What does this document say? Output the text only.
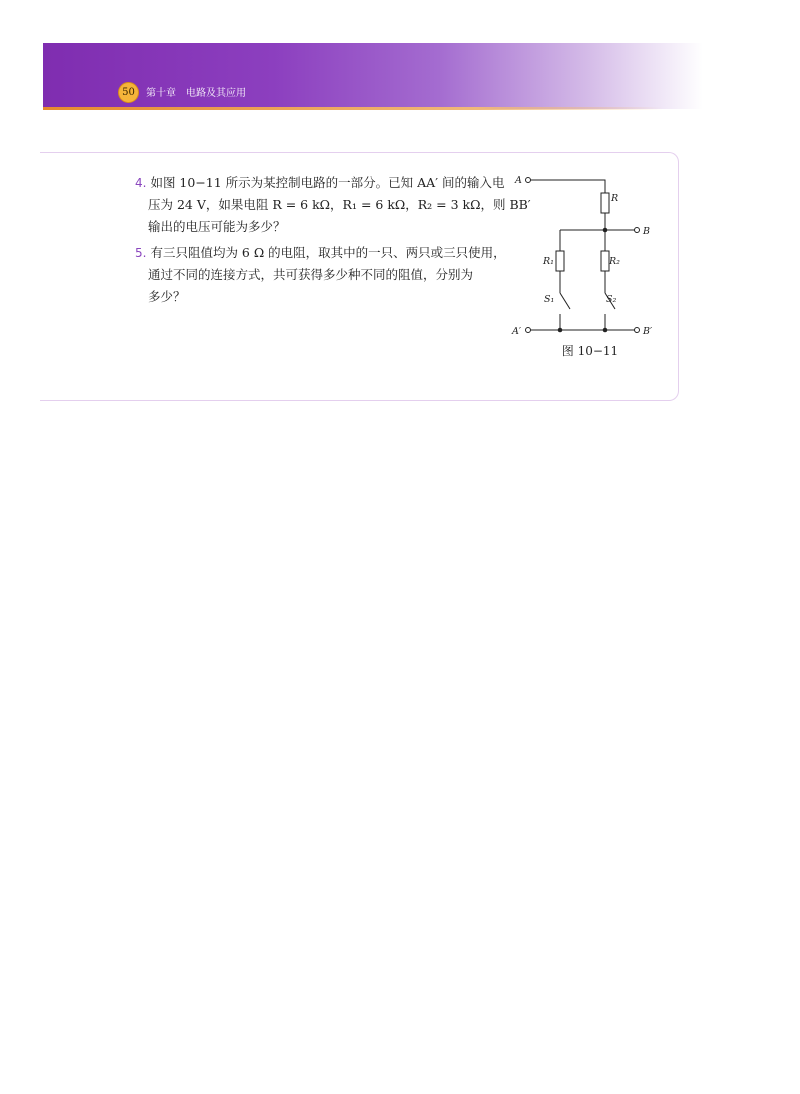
50	第十章 电路及其应用
4. 如图 10−11 所示为某控制电路的一部分。已知 AA′ 间的输入电
压为 24 V，如果电阻 R = 6 kΩ，R₁ = 6 kΩ，R₂ = 3 kΩ，则 BB′
输出的电压可能为多少？
5. 有三只阻值均为 6 Ω 的电阻，取其中的一只、两只或三只使用，
通过不同的连接方式，共可获得多少种不同的阻值，分别为
多少？
A
R
B
R₁	R₂
S₁	S₂
A′	B′
图 10−11
